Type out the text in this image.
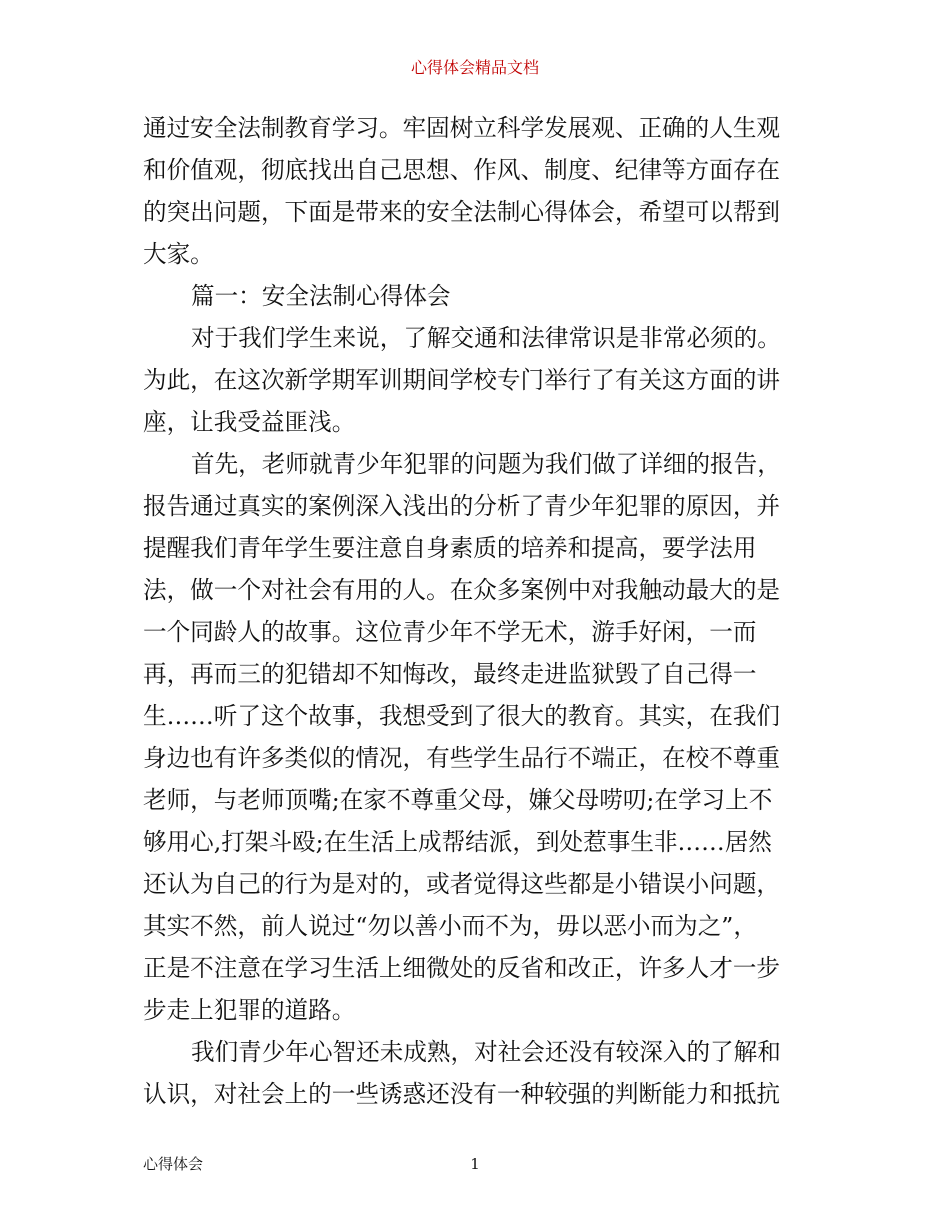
心得体会精品文档
通过安全法制教育学习。牢固树立科学发展观、正确的人生观
和价值观，彻底找出自己思想、作风、制度、纪律等方面存在
的突出问题，下面是带来的安全法制心得体会，希望可以帮到
大家。
篇一：安全法制心得体会
对于我们学生来说，了解交通和法律常识是非常必须的。
为此，在这次新学期军训期间学校专门举行了有关这方面的讲
座，让我受益匪浅。
首先，老师就青少年犯罪的问题为我们做了详细的报告，
报告通过真实的案例深入浅出的分析了青少年犯罪的原因，并
提醒我们青年学生要注意自身素质的培养和提高，要学法用
法，做一个对社会有用的人。在众多案例中对我触动最大的是
一个同龄人的故事。这位青少年不学无术，游手好闲，一而
再，再而三的犯错却不知悔改，最终走进监狱毁了自己得一
生……听了这个故事，我想受到了很大的教育。其实，在我们
身边也有许多类似的情况，有些学生品行不端正，在校不尊重
老师，与老师顶嘴;在家不尊重父母，嫌父母唠叨;在学习上不
够用心,打架斗殴;在生活上成帮结派，到处惹事生非……居然
还认为自己的行为是对的，或者觉得这些都是小错误小问题，
其实不然，前人说过“勿以善小而不为，毋以恶小而为之”，
正是不注意在学习生活上细微处的反省和改正，许多人才一步
步走上犯罪的道路。
我们青少年心智还未成熟，对社会还没有较深入的了解和
认识，对社会上的一些诱惑还没有一种较强的判断能力和抵抗
心得体会	1
